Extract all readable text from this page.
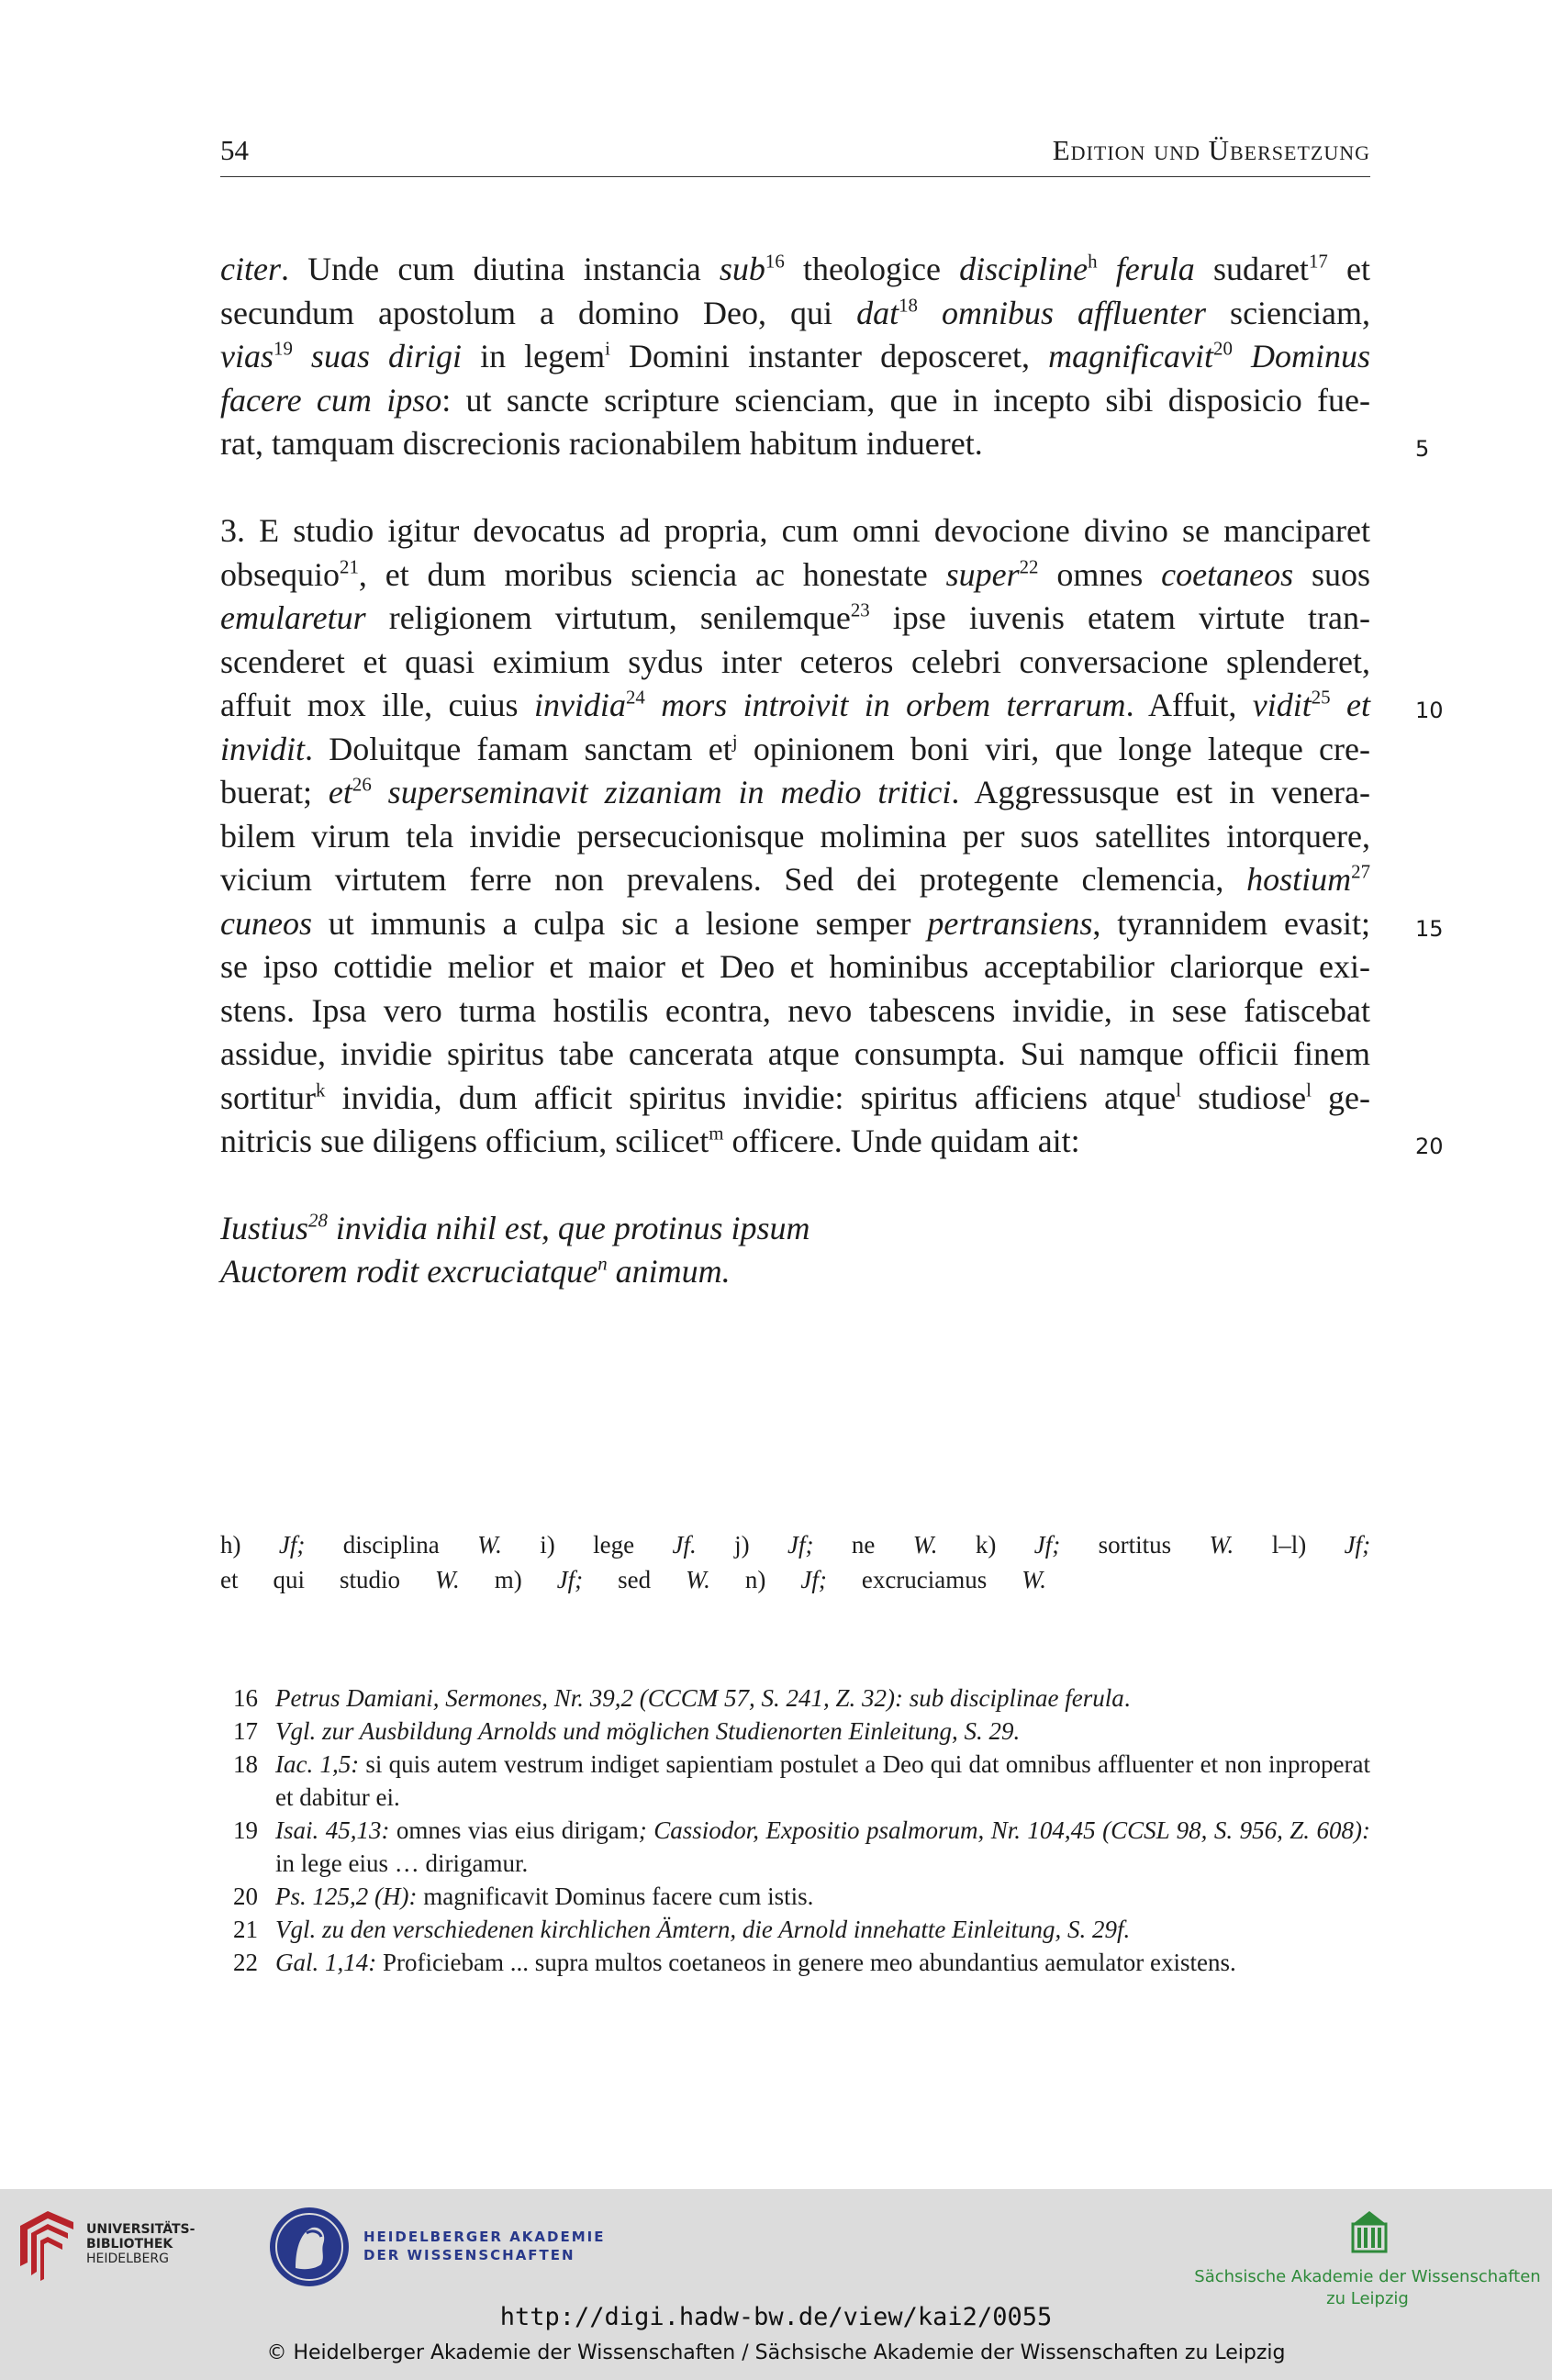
54	Edition und Übersetzung
citer. Unde cum diutina instancia sub$^{16}$ theologice discipline$^h$ ferula sudaret$^{17}$ et
secundum apostolum a domino Deo, qui dat$^{18}$ omnibus affluenter scienciam,
vias$^{19}$ suas dirigi in legem$^i$ Domini instanter deposceret, magnificavit$^{20}$ Dominus
facere cum ipso: ut sancte scripture scienciam, que in incepto sibi disposicio fue-
rat, tamquam discrecionis racionabilem habitum indueret.	5
3. E studio igitur devocatus ad propria, cum omni devocione divino se manciparet
obsequio$^{21}$, et dum moribus sciencia ac honestate super$^{22}$ omnes coetaneos suos
emularetur religionem virtutum, senilemque$^{23}$ ipse iuvenis etatem virtute tran-
scenderet et quasi eximium sydus inter ceteros celebri conversacione splenderet,
affuit mox ille, cuius invidia$^{24}$ mors introivit in orbem terrarum. Affuit, vidit$^{25}$ et 10
invidit. Doluitque famam sanctam $et^j$ opinionem boni viri, que longe lateque cre-
buerat; $et^{26}$ superseminavit zizaniam in medio tritici. Aggressusque est in venera-
bilem virum tela invidie persecucionisque molimina per suos satellites intorquere,
vicium virtutem ferre non prevalens. Sed dei protegente clemencia, hostium$^{27}$
cuneos ut immunis a culpa sic a lesione semper pertransiens, tyrannidem evasit; 15
se ipso cottidie melior et maior et Deo et hominibus acceptabilior clariorque exi-
stens. Ipsa vero turma hostilis econtra, nevo tabescens invidie, in sese fatiscebat
assidue, invidie spiritus tabe cancerata atque consumpta. Sui namque officii finem
sortitur$^k$ invidia, dum afficit spiritus invidie: spiritus afficiens atque$^l$ studiose$^l$ ge-
nitricis sue diligens officium, scilicet$^m$ officere. Unde quidam ait:	20
Iustius$^{28}$ invidia nihil est, que protinus ipsum
Auctorem rodit excruciatque$^n$ animum.
h) Jf; disciplina W. i) lege Jf. j) Jf; ne W. k) Jf; sortitus W. l–l) Jf;
et qui studio W. m) Jf; sed W. n) Jf; excruciamus W.
16 Petrus Damiani, Sermones, Nr. 39,2 (CCCM 57, S. 241, Z. 32): sub disciplinae ferula.
17 Vgl. zur Ausbildung Arnolds und möglichen Studienorten Einleitung, S. 29.
18 Iac. 1,5: si quis autem vestrum indiget sapientiam postulet a Deo qui dat omnibus affluenter et non inproperat et dabitur ei.
19 Isai. 45,13: omnes vias eius dirigam; Cassiodor, Expositio psalmorum, Nr. 104,45 (CCSL 98, S. 956, Z. 608): in lege eius … dirigamur.
20 Ps. 125,2 (H): magnificavit Dominus facere cum istis.
21 Vgl. zu den verschiedenen kirchlichen Ämtern, die Arnold innehatte Einleitung, S. 29f.
22 Gal. 1,14: Proficiebam ... supra multos coetaneos in genere meo abundantius aemulator existens.
UNIVERSITÄTS-
BIBLIOTHEK
HEIDELBERG
HEIDELBERGER AKADEMIE
DER WISSENSCHAFTEN
Sächsische Akademie der Wissenschaften
zu Leipzig
http://digi.hadw-bw.de/view/kai2/0055
© Heidelberger Akademie der Wissenschaften / Sächsische Akademie der Wissenschaften zu Leipzig
